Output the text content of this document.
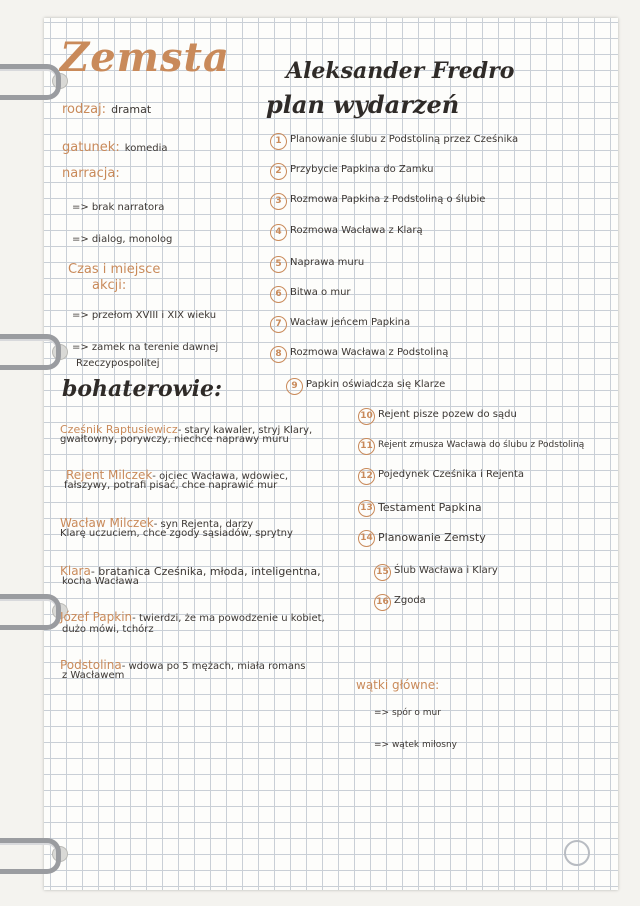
Zemsta	Aleksander Fredro
plan wydarzeń
rodzaj: dramat
gatunek: komedia
narracja:
=> brak narratora
=> dialog, monolog
Czas i miejsce
akcji:
=> przełom XVIII i XIX wieku
=> zamek na terenie dawnej
Rzeczypospolitej
bohaterowie:
Cześnik Raptusiewicz- stary kawaler, stryj Klary,
gwałtowny, porywczy, niechce naprawy muru
Rejent Milczek- ojciec Wacława, wdowiec,
fałszywy, potrafi pisać, chce naprawić mur
Wacław Milczek- syn Rejenta, darzy
Klarę uczuciem, chce zgody sąsiadów, sprytny
Klara- bratanica Cześnika, młoda, inteligentna,
kocha Wacława
Józef Papkin- twierdzi, że ma powodzenie u kobiet,
dużo mówi, tchórz
Podstolina- wdowa po 5 mężach, miała romans
z Wacławem
1 Planowanie ślubu z Podstoliną przez Cześnika
2 Przybycie Papkina do Zamku
3 Rozmowa Papkina z Podstoliną o ślubie
4 Rozmowa Wacława z Klarą
5 Naprawa muru
6 Bitwa o mur
7 Wacław jeńcem Papkina
8 Rozmowa Wacława z Podstoliną
9 Papkin oświadcza się Klarze
10 Rejent pisze pozew do sądu
11 Rejent zmusza Wacława do ślubu z Podstoliną
12 Pojedynek Cześnika i Rejenta
13 Testament Papkina
14 Planowanie Zemsty
15 Ślub Wacława i Klary
16 Zgoda
wątki główne:
=> spór o mur
=> wątek miłosny
